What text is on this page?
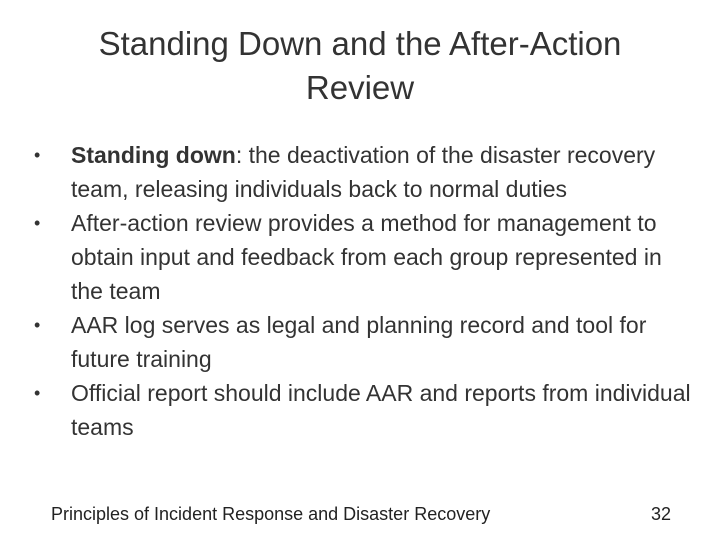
Standing Down and the After-Action Review
•	Standing down: the deactivation of the disaster recovery team, releasing individuals back to normal duties
•	After-action review provides a method for management to obtain input and feedback from each group represented in the team
•	AAR log serves as legal and planning record and tool for future training
•	Official report should include AAR and reports from individual teams
Principles of Incident Response and Disaster Recovery	32
